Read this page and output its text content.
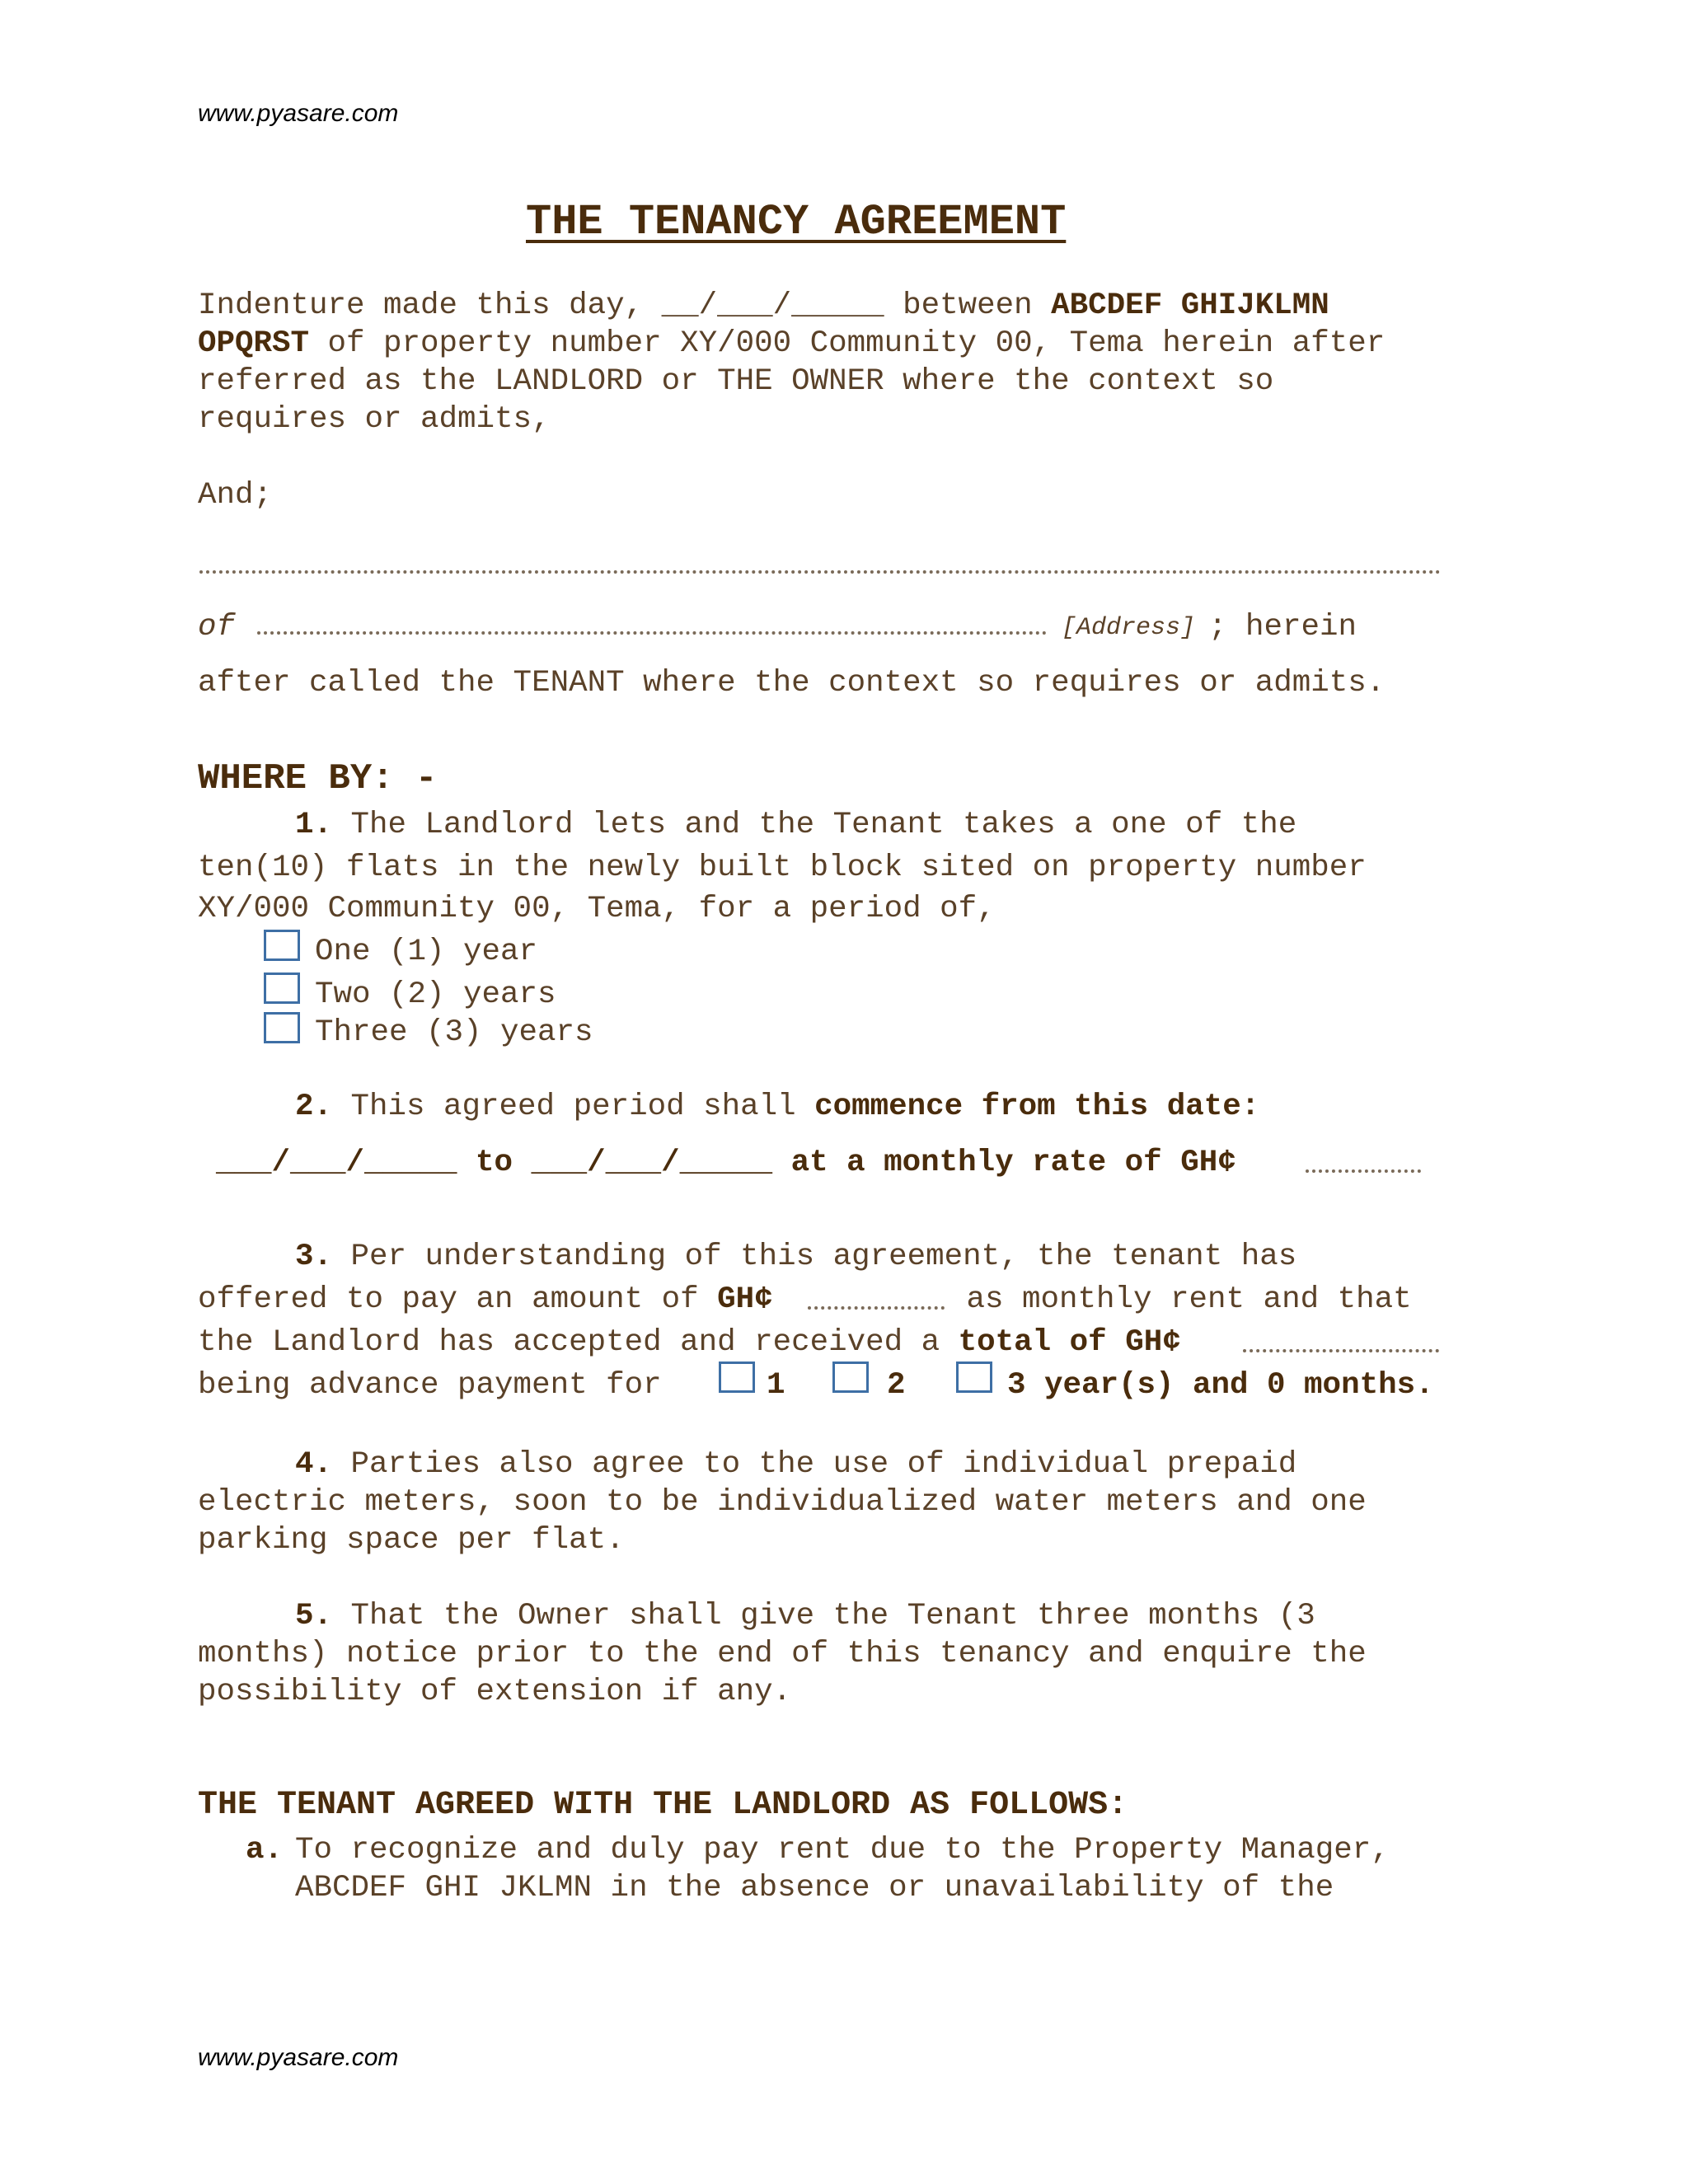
www.pyasare.com
THE TENANCY AGREEMENT
Indenture made this day, __/___/_____ between ABCDEF GHIJKLMN
OPQRST of property number XY/000 Community 00, Tema herein after
referred as the LANDLORD or THE OWNER where the context so
requires or admits,
And;
of	[Address] ; herein
after called the TENANT where the context so requires or admits.
WHERE BY: -
1. The Landlord lets and the Tenant takes a one of the
ten(10) flats in the newly built block sited on property number
XY/000 Community 00, Tema, for a period of,
One (1) year
Two (2) years
Three (3) years
2. This agreed period shall commence from this date:
___/___/_____ to ___/___/_____ at a monthly rate of GH¢
3. Per understanding of this agreement, the tenant has
offered to pay an amount of GH¢	as monthly rent and that
the Landlord has accepted and received a total of GH¢
being advance payment for	1	2	3 year(s) and 0 months.
4. Parties also agree to the use of individual prepaid
electric meters, soon to be individualized water meters and one
parking space per flat.
5. That the Owner shall give the Tenant three months (3
months) notice prior to the end of this tenancy and enquire the
possibility of extension if any.
THE TENANT AGREED WITH THE LANDLORD AS FOLLOWS:
a. To recognize and duly pay rent due to the Property Manager,
ABCDEF GHI JKLMN in the absence or unavailability of the
www.pyasare.com
